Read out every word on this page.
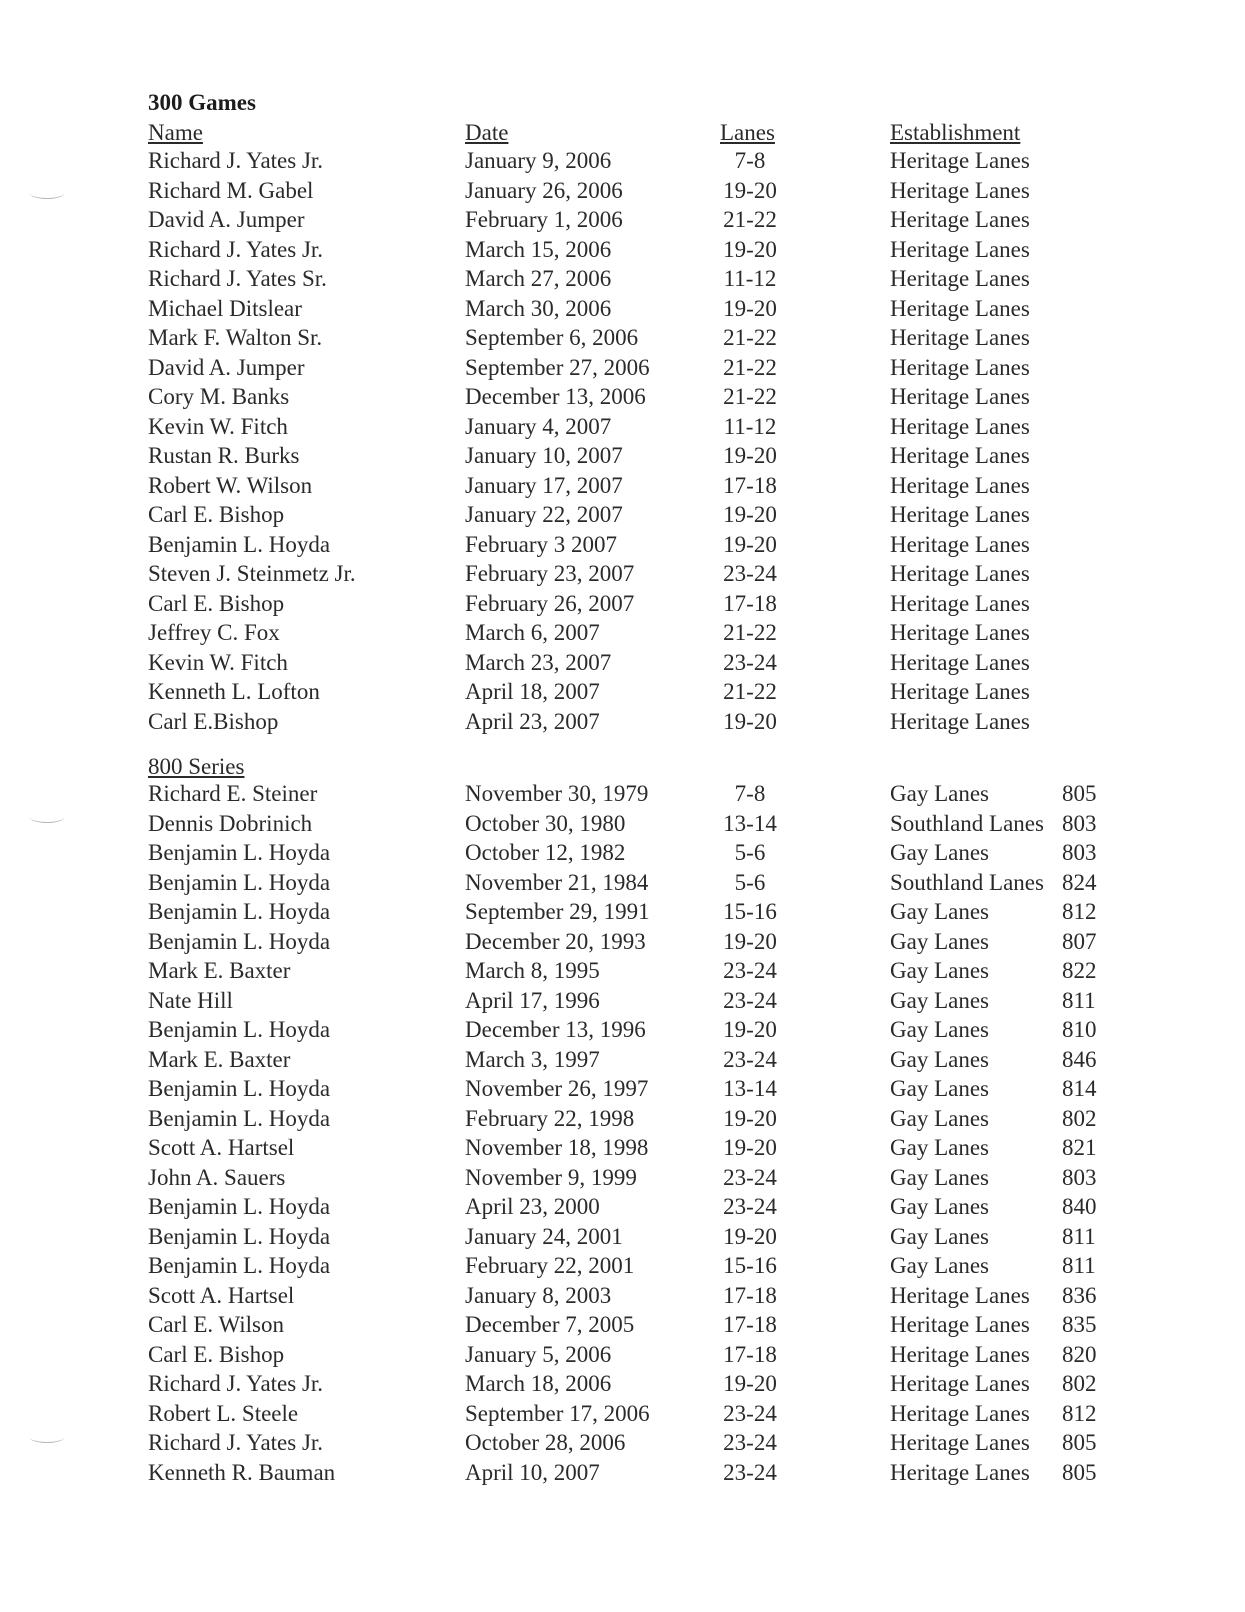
300 Games
Name	Date	Lanes	Establishment
Richard J. Yates Jr.	January 9, 2006	7-8	Heritage Lanes
Richard M. Gabel	January 26, 2006	19-20	Heritage Lanes
David A. Jumper	February 1, 2006	21-22	Heritage Lanes
Richard J. Yates Jr.	March 15, 2006	19-20	Heritage Lanes
Richard J. Yates Sr.	March 27, 2006	11-12	Heritage Lanes
Michael Ditslear	March 30, 2006	19-20	Heritage Lanes
Mark F. Walton Sr.	September 6, 2006	21-22	Heritage Lanes
David A. Jumper	September 27, 2006	21-22	Heritage Lanes
Cory M. Banks	December 13, 2006	21-22	Heritage Lanes
Kevin W. Fitch	January 4, 2007	11-12	Heritage Lanes
Rustan R. Burks	January 10, 2007	19-20	Heritage Lanes
Robert W. Wilson	January 17, 2007	17-18	Heritage Lanes
Carl E. Bishop	January 22, 2007	19-20	Heritage Lanes
Benjamin L. Hoyda	February 3 2007	19-20	Heritage Lanes
Steven J. Steinmetz Jr.	February 23, 2007	23-24	Heritage Lanes
Carl E. Bishop	February 26, 2007	17-18	Heritage Lanes
Jeffrey C. Fox	March 6, 2007	21-22	Heritage Lanes
Kevin W. Fitch	March 23, 2007	23-24	Heritage Lanes
Kenneth L. Lofton	April 18, 2007	21-22	Heritage Lanes
Carl E.Bishop	April 23, 2007	19-20	Heritage Lanes
800 Series
Richard E. Steiner	November 30, 1979	7-8	Gay Lanes	805
Dennis Dobrinich	October 30, 1980	13-14	Southland Lanes 803
Benjamin L. Hoyda	October 12, 1982	5-6	Gay Lanes	803
Benjamin L. Hoyda	November 21, 1984	5-6	Southland Lanes 824
Benjamin L. Hoyda	September 29, 1991	15-16	Gay Lanes	812
Benjamin L. Hoyda	December 20, 1993	19-20	Gay Lanes	807
Mark E. Baxter	March 8, 1995	23-24	Gay Lanes	822
Nate Hill	April 17, 1996	23-24	Gay Lanes	811
Benjamin L. Hoyda	December 13, 1996	19-20	Gay Lanes	810
Mark E. Baxter	March 3, 1997	23-24	Gay Lanes	846
Benjamin L. Hoyda	November 26, 1997	13-14	Gay Lanes	814
Benjamin L. Hoyda	February 22, 1998	19-20	Gay Lanes	802
Scott A. Hartsel	November 18, 1998	19-20	Gay Lanes	821
John A. Sauers	November 9, 1999	23-24	Gay Lanes	803
Benjamin L. Hoyda	April 23, 2000	23-24	Gay Lanes	840
Benjamin L. Hoyda	January 24, 2001	19-20	Gay Lanes	811
Benjamin L. Hoyda	February 22, 2001	15-16	Gay Lanes	811
Scott A. Hartsel	January 8, 2003	17-18	Heritage Lanes 836
Carl E. Wilson	December 7, 2005	17-18	Heritage Lanes 835
Carl E. Bishop	January 5, 2006	17-18	Heritage Lanes 820
Richard J. Yates Jr.	March 18, 2006	19-20	Heritage Lanes 802
Robert L. Steele	September 17, 2006	23-24	Heritage Lanes 812
Richard J. Yates Jr.	October 28, 2006	23-24	Heritage Lanes 805
Kenneth R. Bauman	April 10, 2007	23-24	Heritage Lanes 805
